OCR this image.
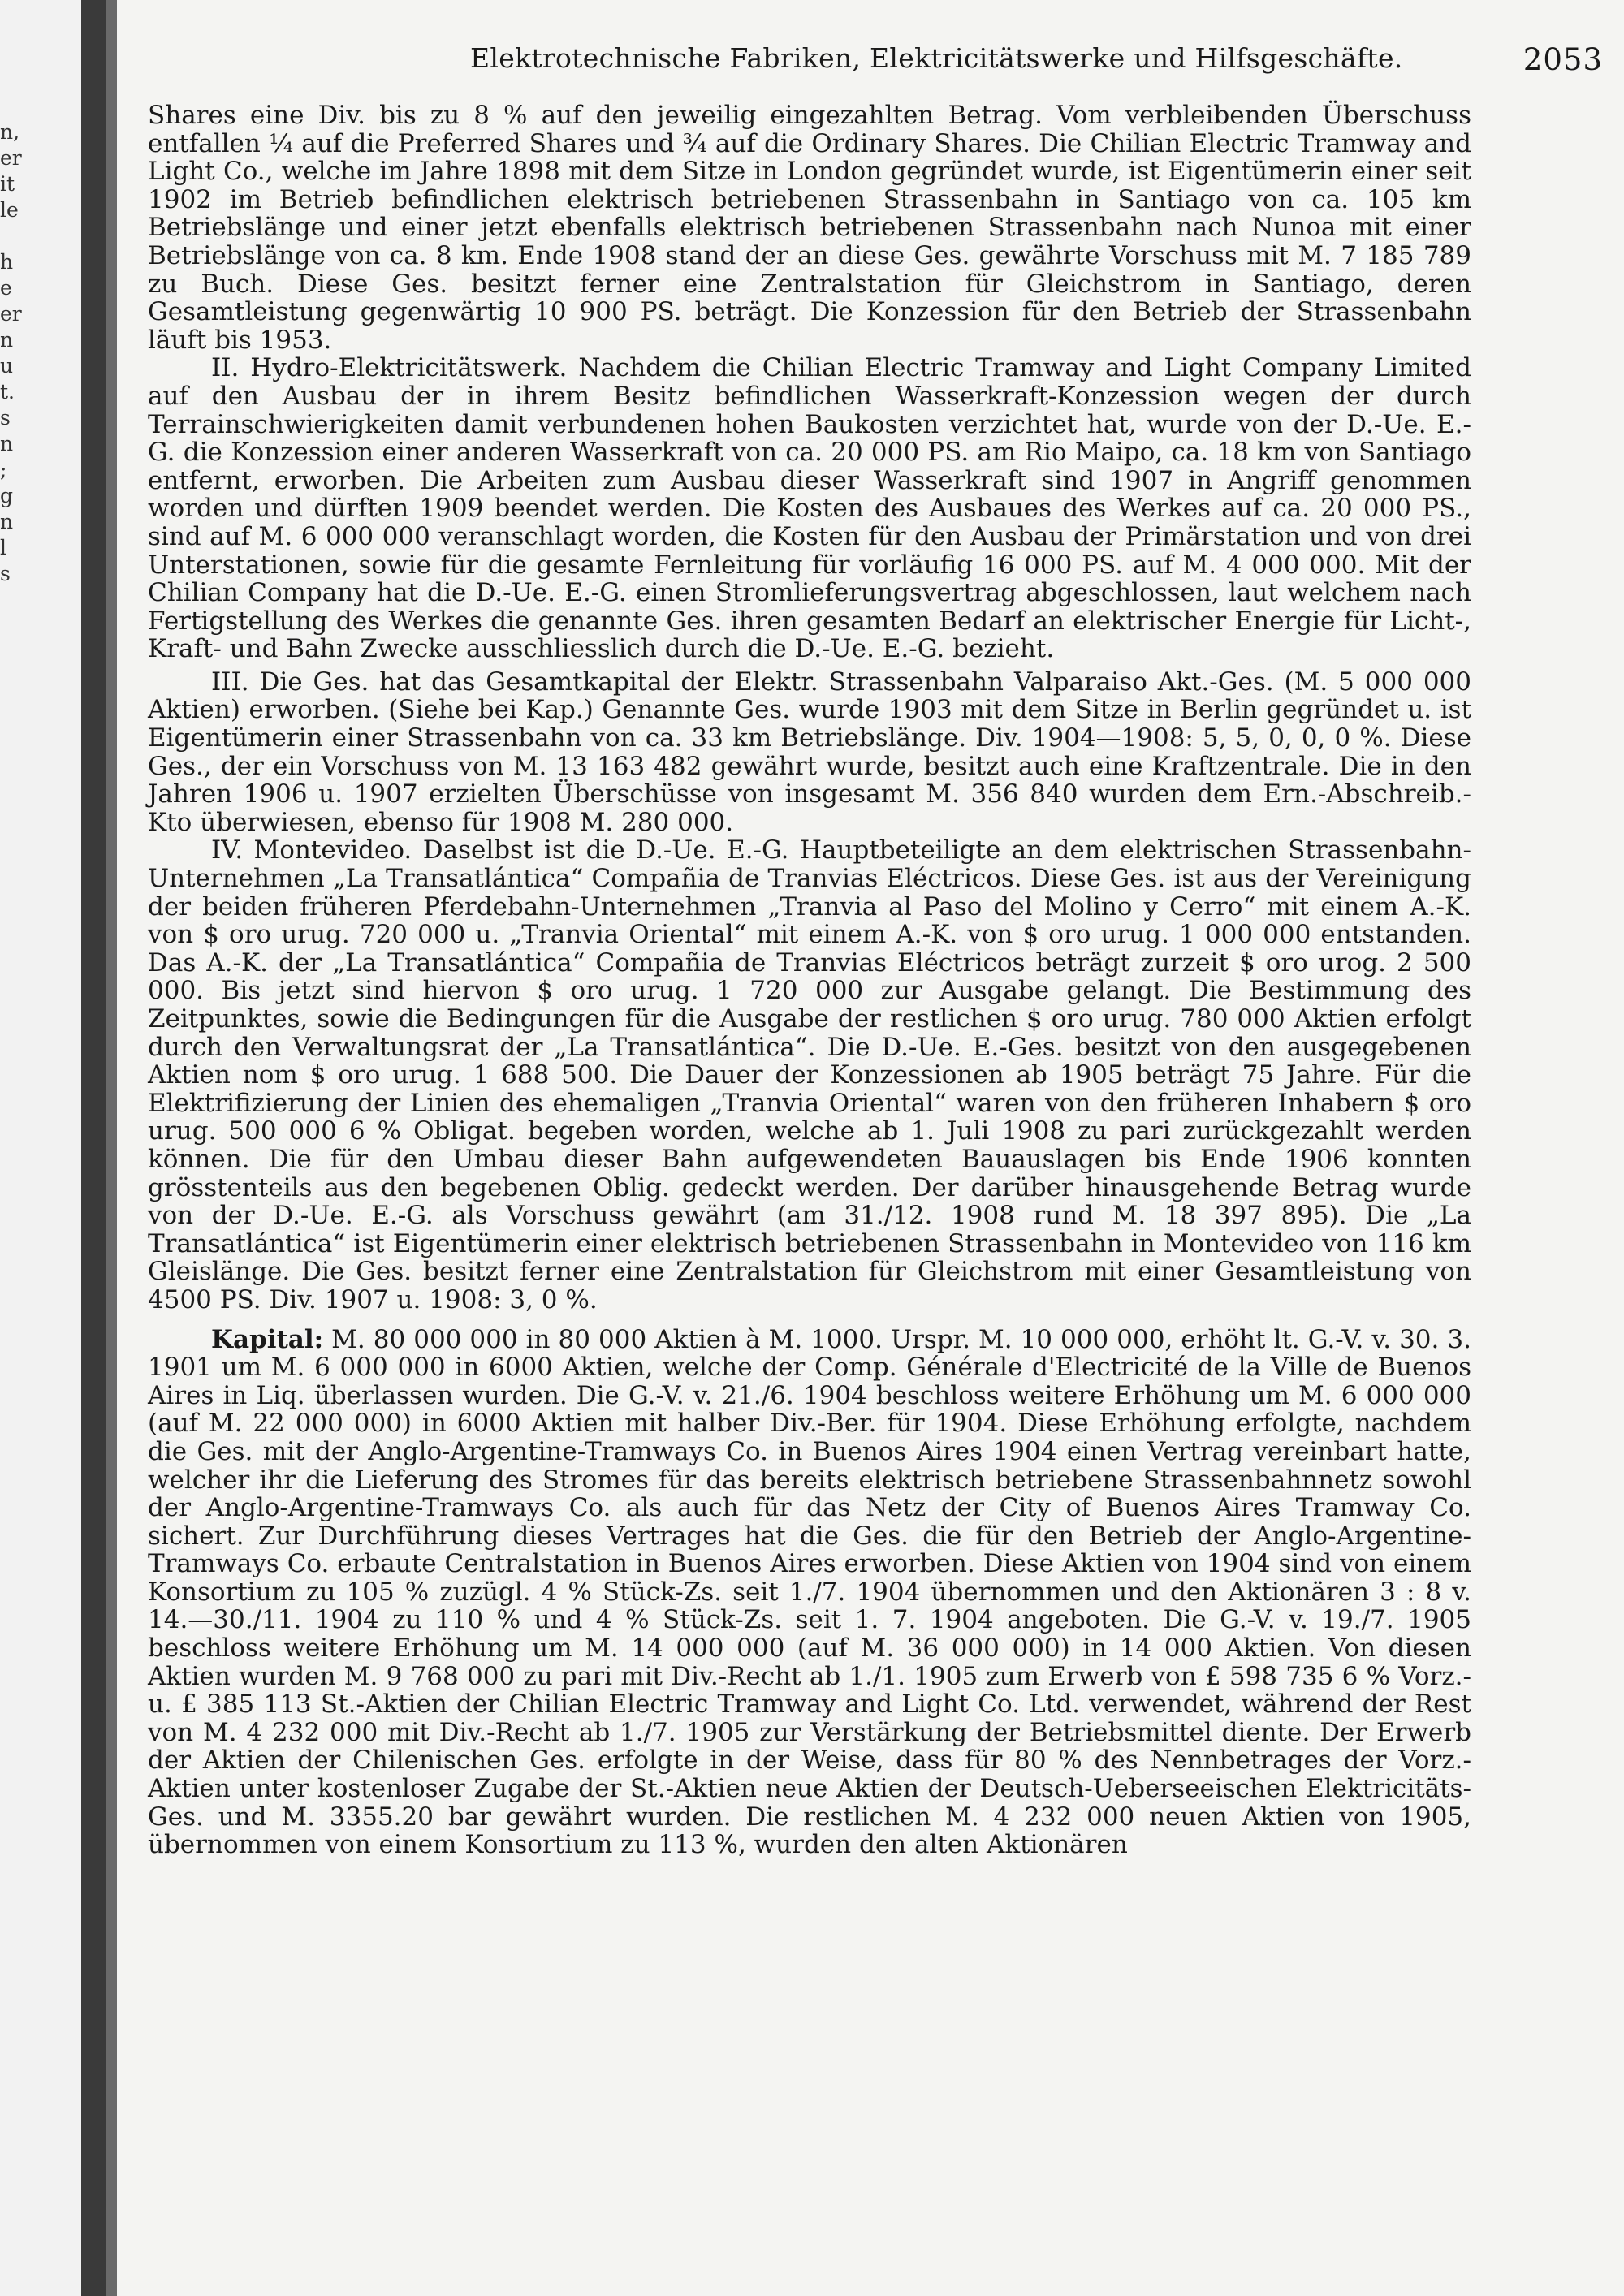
n,
er
it
le
h
e
er
n
u
t.
s
n
;
g
n
l
s
Elektrotechnische Fabriken, Elektricitätswerke und Hilfsgeschäfte.	2053

Shares eine Div. bis zu 8 % auf den jeweilig eingezahlten Betrag. Vom verbleibenden Überschuss entfallen ¼ auf die Preferred Shares und ¾ auf die Ordinary Shares. Die Chilian Electric Tramway and Light Co., welche im Jahre 1898 mit dem Sitze in London gegründet wurde, ist Eigentümerin einer seit 1902 im Betrieb befindlichen elektrisch betriebenen Strassenbahn in Santiago von ca. 105 km Betriebslänge und einer jetzt ebenfalls elektrisch betriebenen Strassenbahn nach Nunoa mit einer Betriebslänge von ca. 8 km. Ende 1908 stand der an diese Ges. gewährte Vorschuss mit M. 7 185 789 zu Buch. Diese Ges. besitzt ferner eine Zentralstation für Gleichstrom in Santiago, deren Gesamtleistung gegenwärtig 10 900 PS. beträgt. Die Konzession für den Betrieb der Strassenbahn läuft bis 1953.

II. Hydro-Elektricitätswerk. Nachdem die Chilian Electric Tramway and Light Company Limited auf den Ausbau der in ihrem Besitz befindlichen Wasserkraft-Konzession wegen der durch Terrainschwierigkeiten damit verbundenen hohen Baukosten verzichtet hat, wurde von der D.-Ue. E.-G. die Konzession einer anderen Wasserkraft von ca. 20 000 PS. am Rio Maipo, ca. 18 km von Santiago entfernt, erworben. Die Arbeiten zum Ausbau dieser Wasserkraft sind 1907 in Angriff genommen worden und dürften 1909 beendet werden. Die Kosten des Ausbaues des Werkes auf ca. 20 000 PS., sind auf M. 6 000 000 veranschlagt worden, die Kosten für den Ausbau der Primärstation und von drei Unterstationen, sowie für die gesamte Fernleitung für vorläufig 16 000 PS. auf M. 4 000 000. Mit der Chilian Company hat die D.-Ue. E.-G. einen Stromlieferungsvertrag abgeschlossen, laut welchem nach Fertigstellung des Werkes die genannte Ges. ihren gesamten Bedarf an elektrischer Energie für Licht-, Kraft- und Bahn Zwecke ausschliesslich durch die D.-Ue. E.-G. bezieht.

III. Die Ges. hat das Gesamtkapital der Elektr. Strassenbahn Valparaiso Akt.-Ges. (M. 5 000 000 Aktien) erworben. (Siehe bei Kap.) Genannte Ges. wurde 1903 mit dem Sitze in Berlin gegründet u. ist Eigentümerin einer Strassenbahn von ca. 33 km Betriebslänge. Div. 1904—1908: 5, 5, 0, 0, 0 %. Diese Ges., der ein Vorschuss von M. 13 163 482 gewährt wurde, besitzt auch eine Kraftzentrale. Die in den Jahren 1906 u. 1907 erzielten Überschüsse von insgesamt M. 356 840 wurden dem Ern.-Abschreib.-Kto überwiesen, ebenso für 1908 M. 280 000.

IV. Montevideo. Daselbst ist die D.-Ue. E.-G. Hauptbeteiligte an dem elektrischen Strassenbahn-Unternehmen „La Transatlántica“ Compañia de Tranvias Eléctricos. Diese Ges. ist aus der Vereinigung der beiden früheren Pferdebahn-Unternehmen „Tranvia al Paso del Molino y Cerro“ mit einem A.-K. von $ oro urug. 720 000 u. „Tranvia Oriental“ mit einem A.-K. von $ oro urug. 1 000 000 entstanden. Das A.-K. der „La Transatlántica“ Compañia de Tranvias Eléctricos beträgt zurzeit $ oro urog. 2 500 000. Bis jetzt sind hiervon $ oro urug. 1 720 000 zur Ausgabe gelangt. Die Bestimmung des Zeitpunktes, sowie die Bedingungen für die Ausgabe der restlichen $ oro urug. 780 000 Aktien erfolgt durch den Verwaltungsrat der „La Transatlántica“. Die D.-Ue. E.-Ges. besitzt von den ausgegebenen Aktien nom $ oro urug. 1 688 500. Die Dauer der Konzessionen ab 1905 beträgt 75 Jahre. Für die Elektrifizierung der Linien des ehemaligen „Tranvia Oriental“ waren von den früheren Inhabern $ oro urug. 500 000 6 % Obligat. begeben worden, welche ab 1. Juli 1908 zu pari zurückgezahlt werden können. Die für den Umbau dieser Bahn aufgewendeten Bauauslagen bis Ende 1906 konnten grösstenteils aus den begebenen Oblig. gedeckt werden. Der darüber hinausgehende Betrag wurde von der D.-Ue. E.-G. als Vorschuss gewährt (am 31./12. 1908 rund M. 18 397 895). Die „La Transatlántica“ ist Eigentümerin einer elektrisch betriebenen Strassenbahn in Montevideo von 116 km Gleislänge. Die Ges. besitzt ferner eine Zentralstation für Gleichstrom mit einer Gesamtleistung von 4500 PS. Div. 1907 u. 1908: 3, 0 %.

Kapital: M. 80 000 000 in 80 000 Aktien à M. 1000. Urspr. M. 10 000 000, erhöht lt. G.-V. v. 30. 3. 1901 um M. 6 000 000 in 6000 Aktien, welche der Comp. Générale d'Electricité de la Ville de Buenos Aires in Liq. überlassen wurden. Die G.-V. v. 21./6. 1904 beschloss weitere Erhöhung um M. 6 000 000 (auf M. 22 000 000) in 6000 Aktien mit halber Div.-Ber. für 1904. Diese Erhöhung erfolgte, nachdem die Ges. mit der Anglo-Argentine-Tramways Co. in Buenos Aires 1904 einen Vertrag vereinbart hatte, welcher ihr die Lieferung des Stromes für das bereits elektrisch betriebene Strassenbahnnetz sowohl der Anglo-Argentine-Tramways Co. als auch für das Netz der City of Buenos Aires Tramway Co. sichert. Zur Durchführung dieses Vertrages hat die Ges. die für den Betrieb der Anglo-Argentine-Tramways Co. erbaute Centralstation in Buenos Aires erworben. Diese Aktien von 1904 sind von einem Konsortium zu 105 % zuzügl. 4 % Stück-Zs. seit 1./7. 1904 übernommen und den Aktionären 3 : 8 v. 14.—30./11. 1904 zu 110 % und 4 % Stück-Zs. seit 1. 7. 1904 angeboten. Die G.-V. v. 19./7. 1905 beschloss weitere Erhöhung um M. 14 000 000 (auf M. 36 000 000) in 14 000 Aktien. Von diesen Aktien wurden M. 9 768 000 zu pari mit Div.-Recht ab 1./1. 1905 zum Erwerb von £ 598 735 6 % Vorz.- u. £ 385 113 St.-Aktien der Chilian Electric Tramway and Light Co. Ltd. verwendet, während der Rest von M. 4 232 000 mit Div.-Recht ab 1./7. 1905 zur Verstärkung der Betriebsmittel diente. Der Erwerb der Aktien der Chilenischen Ges. erfolgte in der Weise, dass für 80 % des Nennbetrages der Vorz.-Aktien unter kostenloser Zugabe der St.-Aktien neue Aktien der Deutsch-Ueberseeischen Elektricitäts-Ges. und M. 3355.20 bar gewährt wurden. Die restlichen M. 4 232 000 neuen Aktien von 1905, übernommen von einem Konsortium zu 113 %, wurden den alten Aktionären
